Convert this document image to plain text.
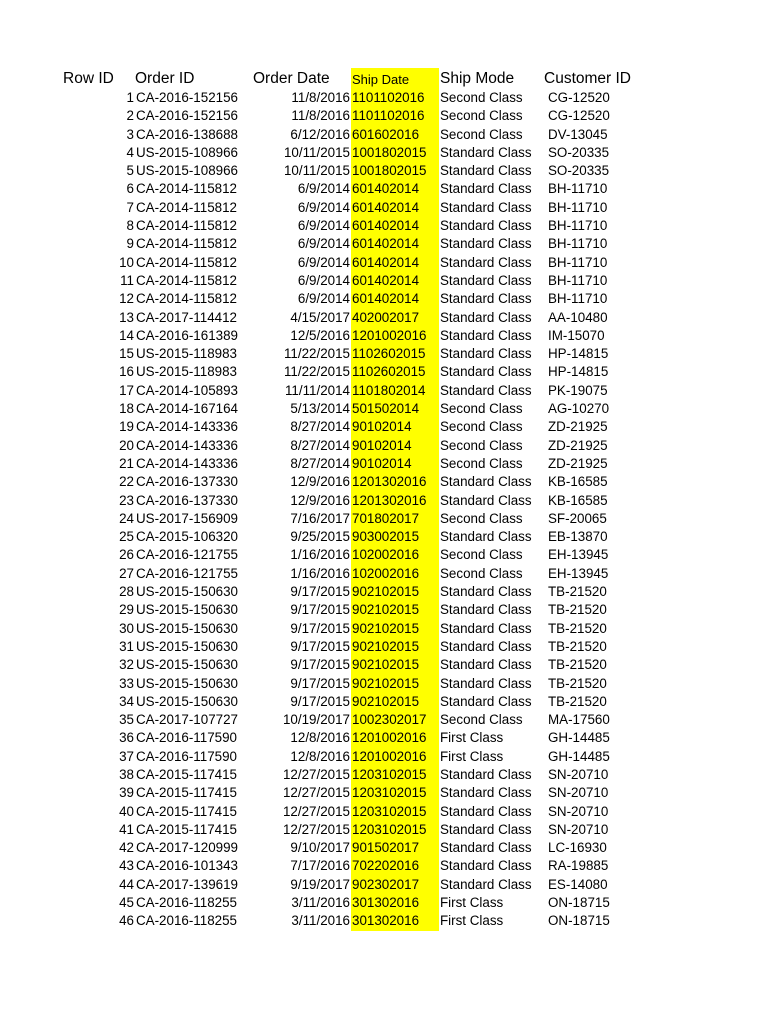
Row ID	Order ID	Order Date	Ship Date	Ship Mode	Customer ID
1 CA-2016-152156	11/8/2016 1101102016	Second Class	CG-12520
2 CA-2016-152156	11/8/2016 1101102016	Second Class	CG-12520
3 CA-2016-138688	6/12/2016 601602016	Second Class	DV-13045
4 US-2015-108966	10/11/2015 1001802015	Standard Class	SO-20335
5 US-2015-108966	10/11/2015 1001802015	Standard Class	SO-20335
6 CA-2014-115812	6/9/2014 601402014	Standard Class	BH-11710
7 CA-2014-115812	6/9/2014 601402014	Standard Class	BH-11710
8 CA-2014-115812	6/9/2014 601402014	Standard Class	BH-11710
9 CA-2014-115812	6/9/2014 601402014	Standard Class	BH-11710
10 CA-2014-115812	6/9/2014 601402014	Standard Class	BH-11710
11 CA-2014-115812	6/9/2014 601402014	Standard Class	BH-11710
12 CA-2014-115812	6/9/2014 601402014	Standard Class	BH-11710
13 CA-2017-114412	4/15/2017 402002017	Standard Class	AA-10480
14 CA-2016-161389	12/5/2016 1201002016	Standard Class	IM-15070
15 US-2015-118983	11/22/2015 1102602015	Standard Class	HP-14815
16 US-2015-118983	11/22/2015 1102602015	Standard Class	HP-14815
17 CA-2014-105893	11/11/2014 1101802014	Standard Class	PK-19075
18 CA-2014-167164	5/13/2014 501502014	Second Class	AG-10270
19 CA-2014-143336	8/27/2014 90102014	Second Class	ZD-21925
20 CA-2014-143336	8/27/2014 90102014	Second Class	ZD-21925
21 CA-2014-143336	8/27/2014 90102014	Second Class	ZD-21925
22 CA-2016-137330	12/9/2016 1201302016	Standard Class	KB-16585
23 CA-2016-137330	12/9/2016 1201302016	Standard Class	KB-16585
24 US-2017-156909	7/16/2017 701802017	Second Class	SF-20065
25 CA-2015-106320	9/25/2015 903002015	Standard Class	EB-13870
26 CA-2016-121755	1/16/2016 102002016	Second Class	EH-13945
27 CA-2016-121755	1/16/2016 102002016	Second Class	EH-13945
28 US-2015-150630	9/17/2015 902102015	Standard Class	TB-21520
29 US-2015-150630	9/17/2015 902102015	Standard Class	TB-21520
30 US-2015-150630	9/17/2015 902102015	Standard Class	TB-21520
31 US-2015-150630	9/17/2015 902102015	Standard Class	TB-21520
32 US-2015-150630	9/17/2015 902102015	Standard Class	TB-21520
33 US-2015-150630	9/17/2015 902102015	Standard Class	TB-21520
34 US-2015-150630	9/17/2015 902102015	Standard Class	TB-21520
35 CA-2017-107727	10/19/2017 1002302017	Second Class	MA-17560
36 CA-2016-117590	12/8/2016 1201002016	First Class	GH-14485
37 CA-2016-117590	12/8/2016 1201002016	First Class	GH-14485
38 CA-2015-117415	12/27/2015 1203102015	Standard Class	SN-20710
39 CA-2015-117415	12/27/2015 1203102015	Standard Class	SN-20710
40 CA-2015-117415	12/27/2015 1203102015	Standard Class	SN-20710
41 CA-2015-117415	12/27/2015 1203102015	Standard Class	SN-20710
42 CA-2017-120999	9/10/2017 901502017	Standard Class	LC-16930
43 CA-2016-101343	7/17/2016 702202016	Standard Class	RA-19885
44 CA-2017-139619	9/19/2017 902302017	Standard Class	ES-14080
45 CA-2016-118255	3/11/2016 301302016	First Class	ON-18715
46 CA-2016-118255	3/11/2016 301302016	First Class	ON-18715
